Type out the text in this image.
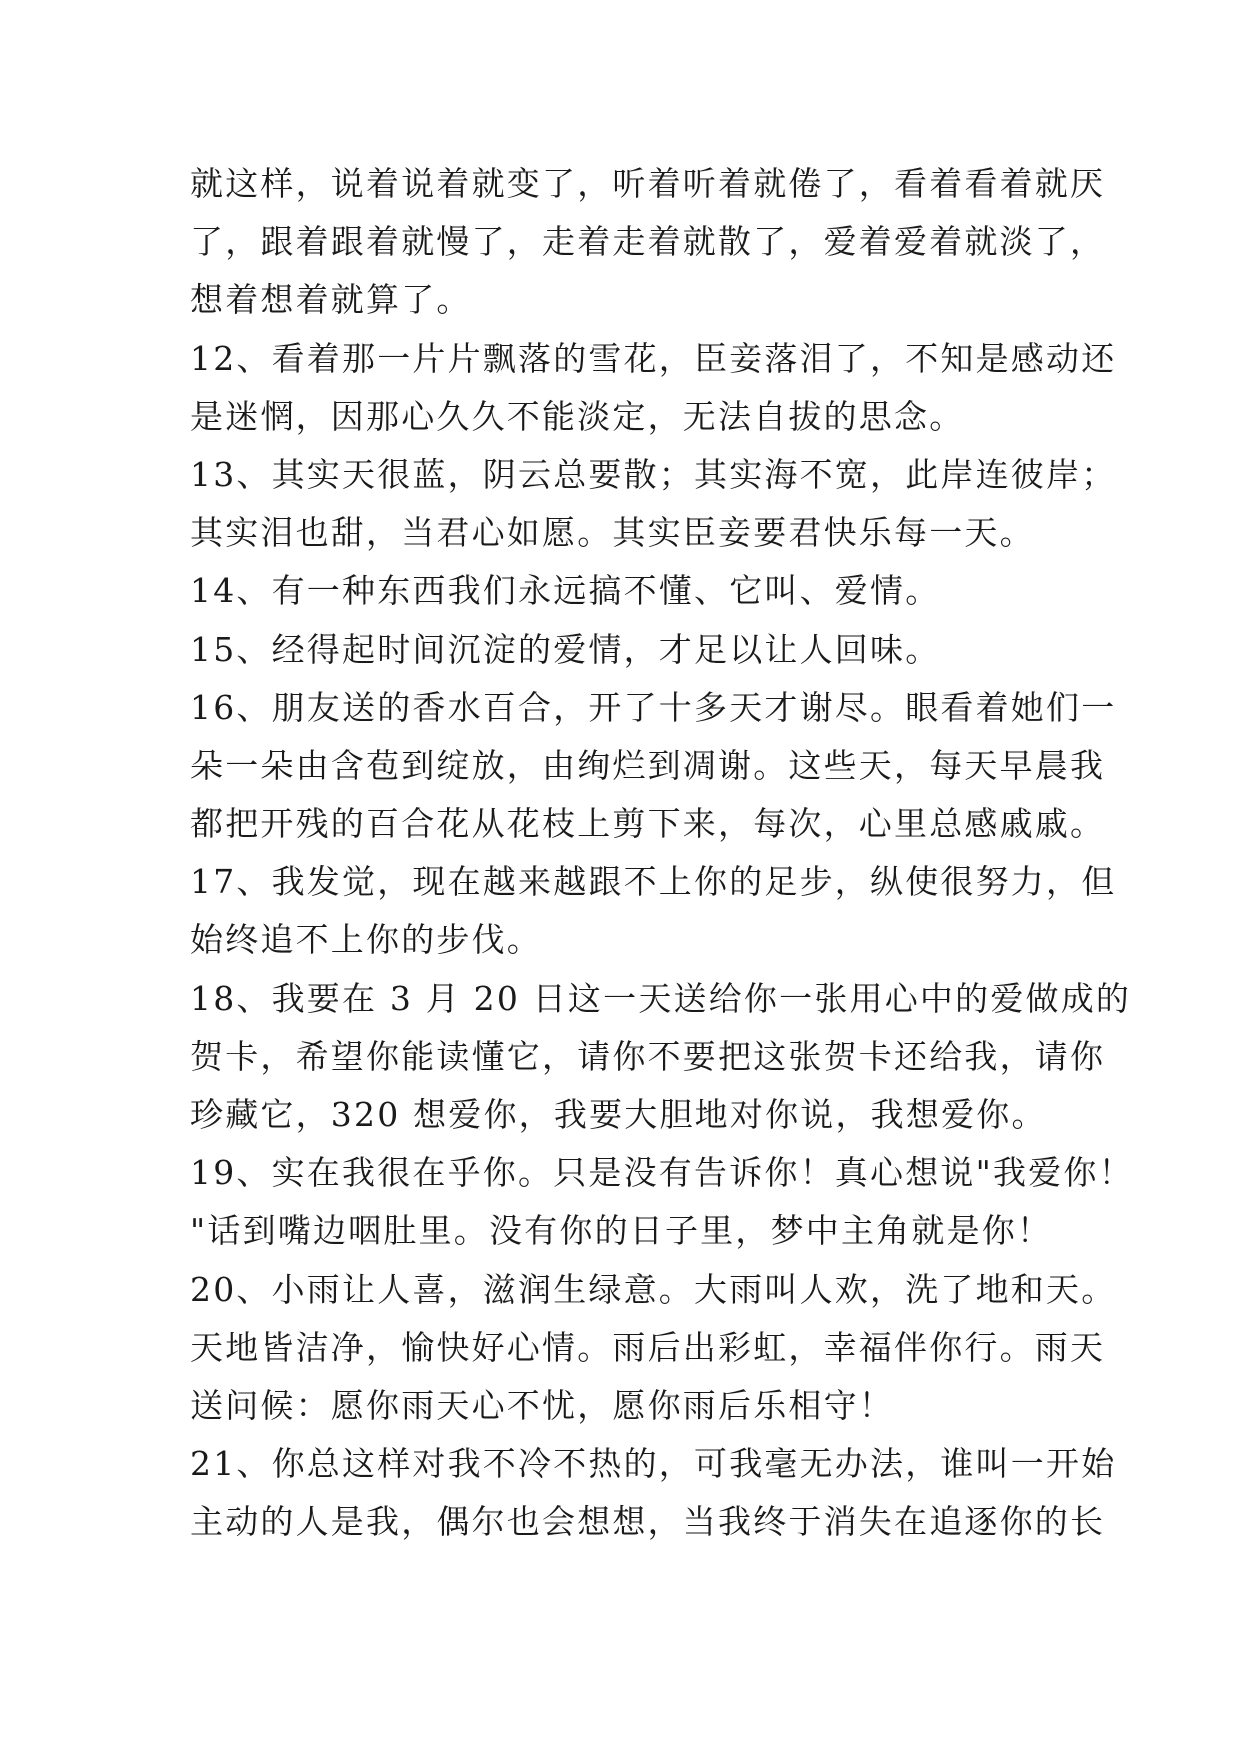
就这样，说着说着就变了，听着听着就倦了，看着看着就厌
了，跟着跟着就慢了，走着走着就散了，爱着爱着就淡了，
想着想着就算了。
12、看着那一片片飘落的雪花，臣妾落泪了，不知是感动还
是迷惘，因那心久久不能淡定，无法自拔的思念。
13、其实天很蓝，阴云总要散；其实海不宽，此岸连彼岸；
其实泪也甜，当君心如愿。其实臣妾要君快乐每一天。
14、有一种东西我们永远搞不懂、它叫、爱情。
15、经得起时间沉淀的爱情，才足以让人回味。
16、朋友送的香水百合，开了十多天才谢尽。眼看着她们一
朵一朵由含苞到绽放，由绚烂到凋谢。这些天，每天早晨我
都把开残的百合花从花枝上剪下来，每次，心里总感戚戚。
17、我发觉，现在越来越跟不上你的足步，纵使很努力，但
始终追不上你的步伐。
18、我要在 3 月 20 日这一天送给你一张用心中的爱做成的
贺卡，希望你能读懂它，请你不要把这张贺卡还给我，请你
珍藏它，320 想爱你，我要大胆地对你说，我想爱你。
19、实在我很在乎你。只是没有告诉你！真心想说"我爱你！
"话到嘴边咽肚里。没有你的日子里，梦中主角就是你！
20、小雨让人喜，滋润生绿意。大雨叫人欢，洗了地和天。
天地皆洁净，愉快好心情。雨后出彩虹，幸福伴你行。雨天
送问候：愿你雨天心不忧，愿你雨后乐相守！
21、你总这样对我不冷不热的，可我毫无办法，谁叫一开始
主动的人是我，偶尔也会想想，当我终于消失在追逐你的长
